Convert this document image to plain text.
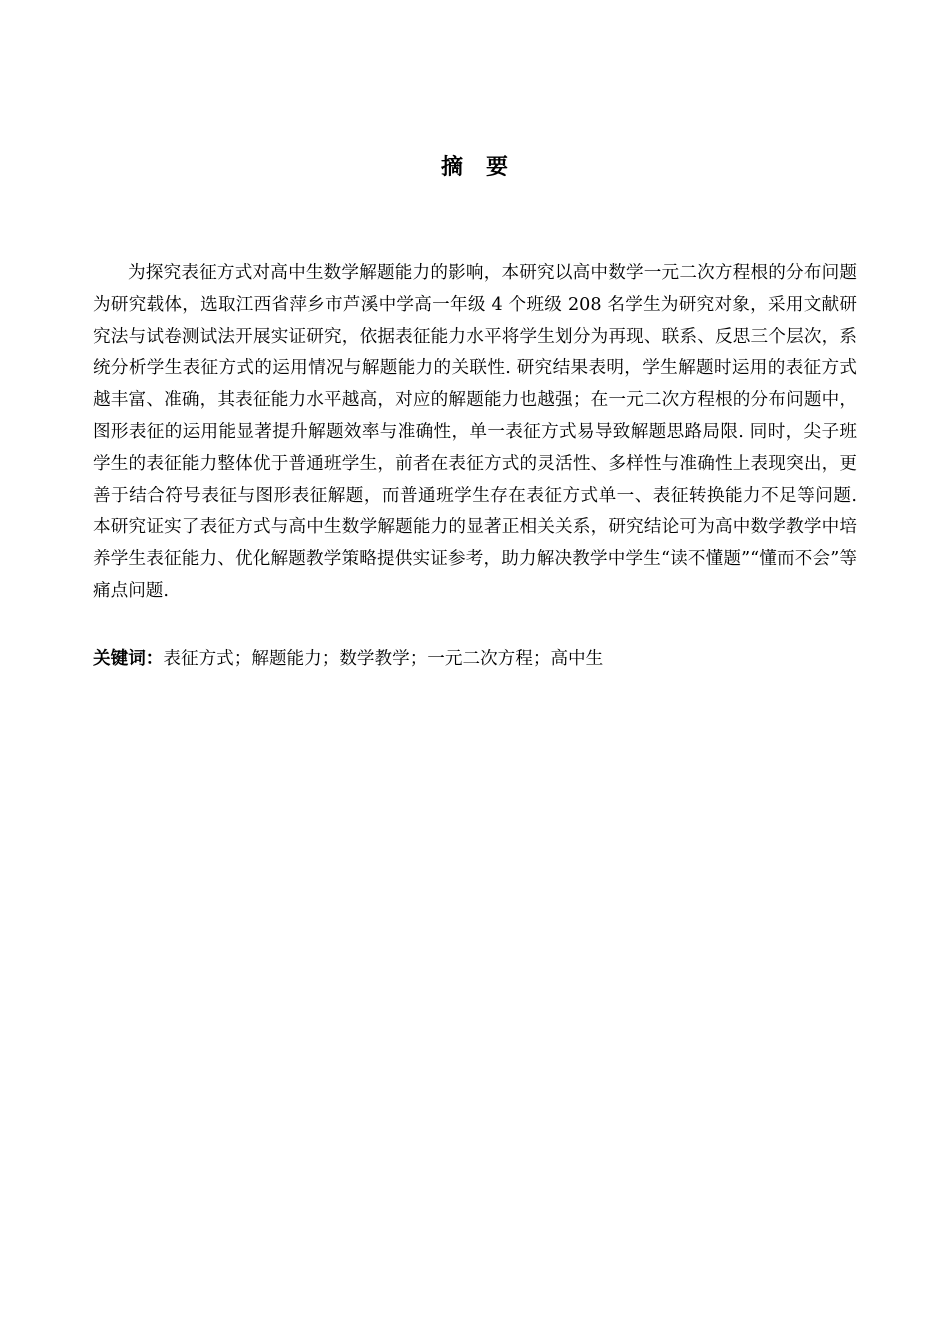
摘 要

为探究表征方式对高中生数学解题能力的影响，本研究以高中数学一元二次方程根的分布问题为研究载体，选取江西省萍乡市芦溪中学高一年级 4 个班级 208 名学生为研究对象，采用文献研究法与试卷测试法开展实证研究，依据表征能力水平将学生划分为再现、联系、反思三个层次，系统分析学生表征方式的运用情况与解题能力的关联性. 研究结果表明，学生解题时运用的表征方式越丰富、准确，其表征能力水平越高，对应的解题能力也越强；在一元二次方程根的分布问题中，图形表征的运用能显著提升解题效率与准确性，单一表征方式易导致解题思路局限. 同时，尖子班学生的表征能力整体优于普通班学生，前者在表征方式的灵活性、多样性与准确性上表现突出，更善于结合符号表征与图形表征解题，而普通班学生存在表征方式单一、表征转换能力不足等问题. 本研究证实了表征方式与高中生数学解题能力的显著正相关关系，研究结论可为高中数学教学中培养学生表征能力、优化解题教学策略提供实证参考，助力解决教学中学生“读不懂题”“懂而不会”等痛点问题.

关键词：表征方式；解题能力；数学教学；一元二次方程；高中生
